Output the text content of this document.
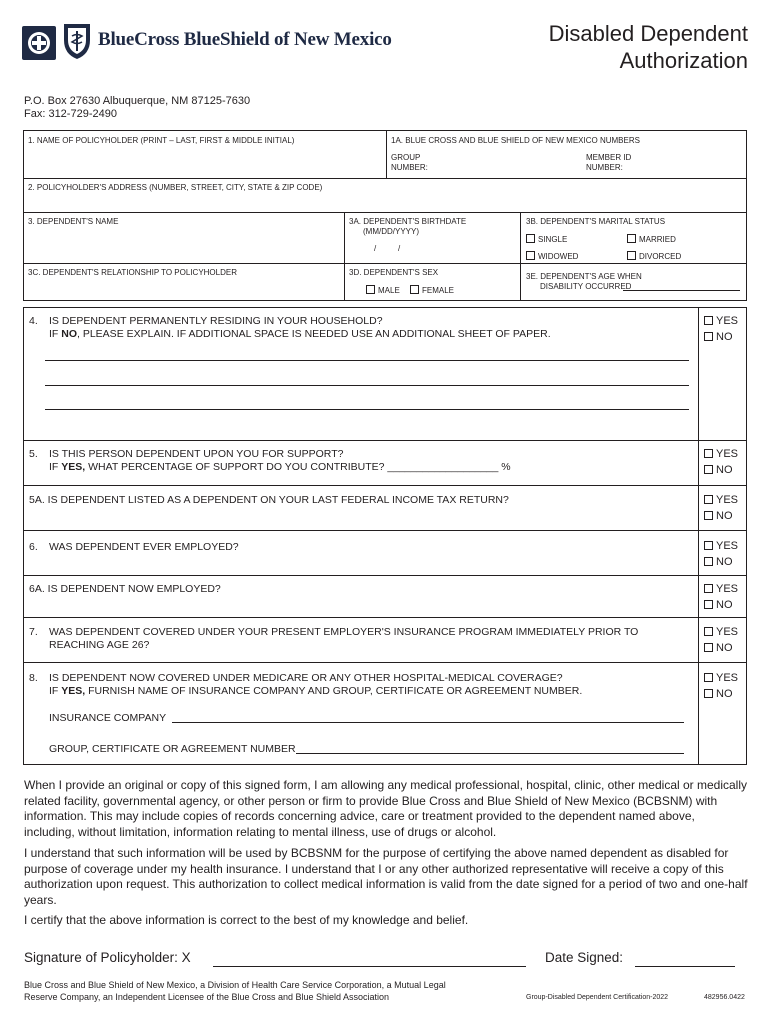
BlueCross BlueShield of New Mexico	Disabled Dependent
Authorization
P.O. Box 27630 Albuquerque, NM 87125-7630
Fax: 312-729-2490
1. NAME OF POLICYHOLDER (PRINT – LAST, FIRST & MIDDLE INITIAL)	1A. BLUE CROSS AND BLUE SHIELD OF NEW MEXICO NUMBERS
GROUP
NUMBER:
MEMBER ID
NUMBER:
2. POLICYHOLDER'S ADDRESS (NUMBER, STREET, CITY, STATE & ZIP CODE)
3. DEPENDENT'S NAME	3A. DEPENDENT'S BIRTHDATE
(MM/DD/YYYY)
/	/
3B. DEPENDENT'S MARITAL STATUS
SINGLE	MARRIED
WIDOWED	DIVORCED
3C. DEPENDENT'S RELATIONSHIP TO POLICYHOLDER	3D. DEPENDENT'S SEX
MALE	FEMALE
3E. DEPENDENT'S AGE WHEN
DISABILITY OCCURRED
4. IS DEPENDENT PERMANENTLY RESIDING IN YOUR HOUSEHOLD?
IF NO, PLEASE EXPLAIN. IF ADDITIONAL SPACE IS NEEDED USE AN ADDITIONAL SHEET OF PAPER.
YES
NO
5. IS THIS PERSON DEPENDENT UPON YOU FOR SUPPORT?
IF YES, WHAT PERCENTAGE OF SUPPORT DO YOU CONTRIBUTE? ___________________ %
YES
NO
5A. IS DEPENDENT LISTED AS A DEPENDENT ON YOUR LAST FEDERAL INCOME TAX RETURN?	YES
NO
6. WAS DEPENDENT EVER EMPLOYED?	YES
NO
6A. IS DEPENDENT NOW EMPLOYED?	YES
NO
7. WAS DEPENDENT COVERED UNDER YOUR PRESENT EMPLOYER'S INSURANCE PROGRAM IMMEDIATELY PRIOR TO
REACHING AGE 26?
YES
NO
8. IS DEPENDENT NOW COVERED UNDER MEDICARE OR ANY OTHER HOSPITAL-MEDICAL COVERAGE?
IF YES, FURNISH NAME OF INSURANCE COMPANY AND GROUP, CERTIFICATE OR AGREEMENT NUMBER.
YES
NO
INSURANCE COMPANY
GROUP, CERTIFICATE OR AGREEMENT NUMBER
When I provide an original or copy of this signed form, I am allowing any medical professional, hospital, clinic, other medical or medically related facility, governmental agency, or other person or firm to provide Blue Cross and Blue Shield of New Mexico (BCBSNM) with information. This may include copies of records concerning advice, care or treatment provided to the dependent named above, including, without limitation, information relating to mental illness, use of drugs or alcohol.
I understand that such information will be used by BCBSNM for the purpose of certifying the above named dependent as disabled for purpose of coverage under my health insurance. I understand that I or any other authorized representative will receive a copy of this authorization upon request. This authorization to collect medical information is valid from the date signed for a period of two and one-half years.
I certify that the above information is correct to the best of my knowledge and belief.
Signature of Policyholder: X	Date Signed:
Blue Cross and Blue Shield of New Mexico, a Division of Health Care Service Corporation, a Mutual Legal
Reserve Company, an Independent Licensee of the Blue Cross and Blue Shield Association	Group-Disabled Dependent Certification-2022	482956.0422
